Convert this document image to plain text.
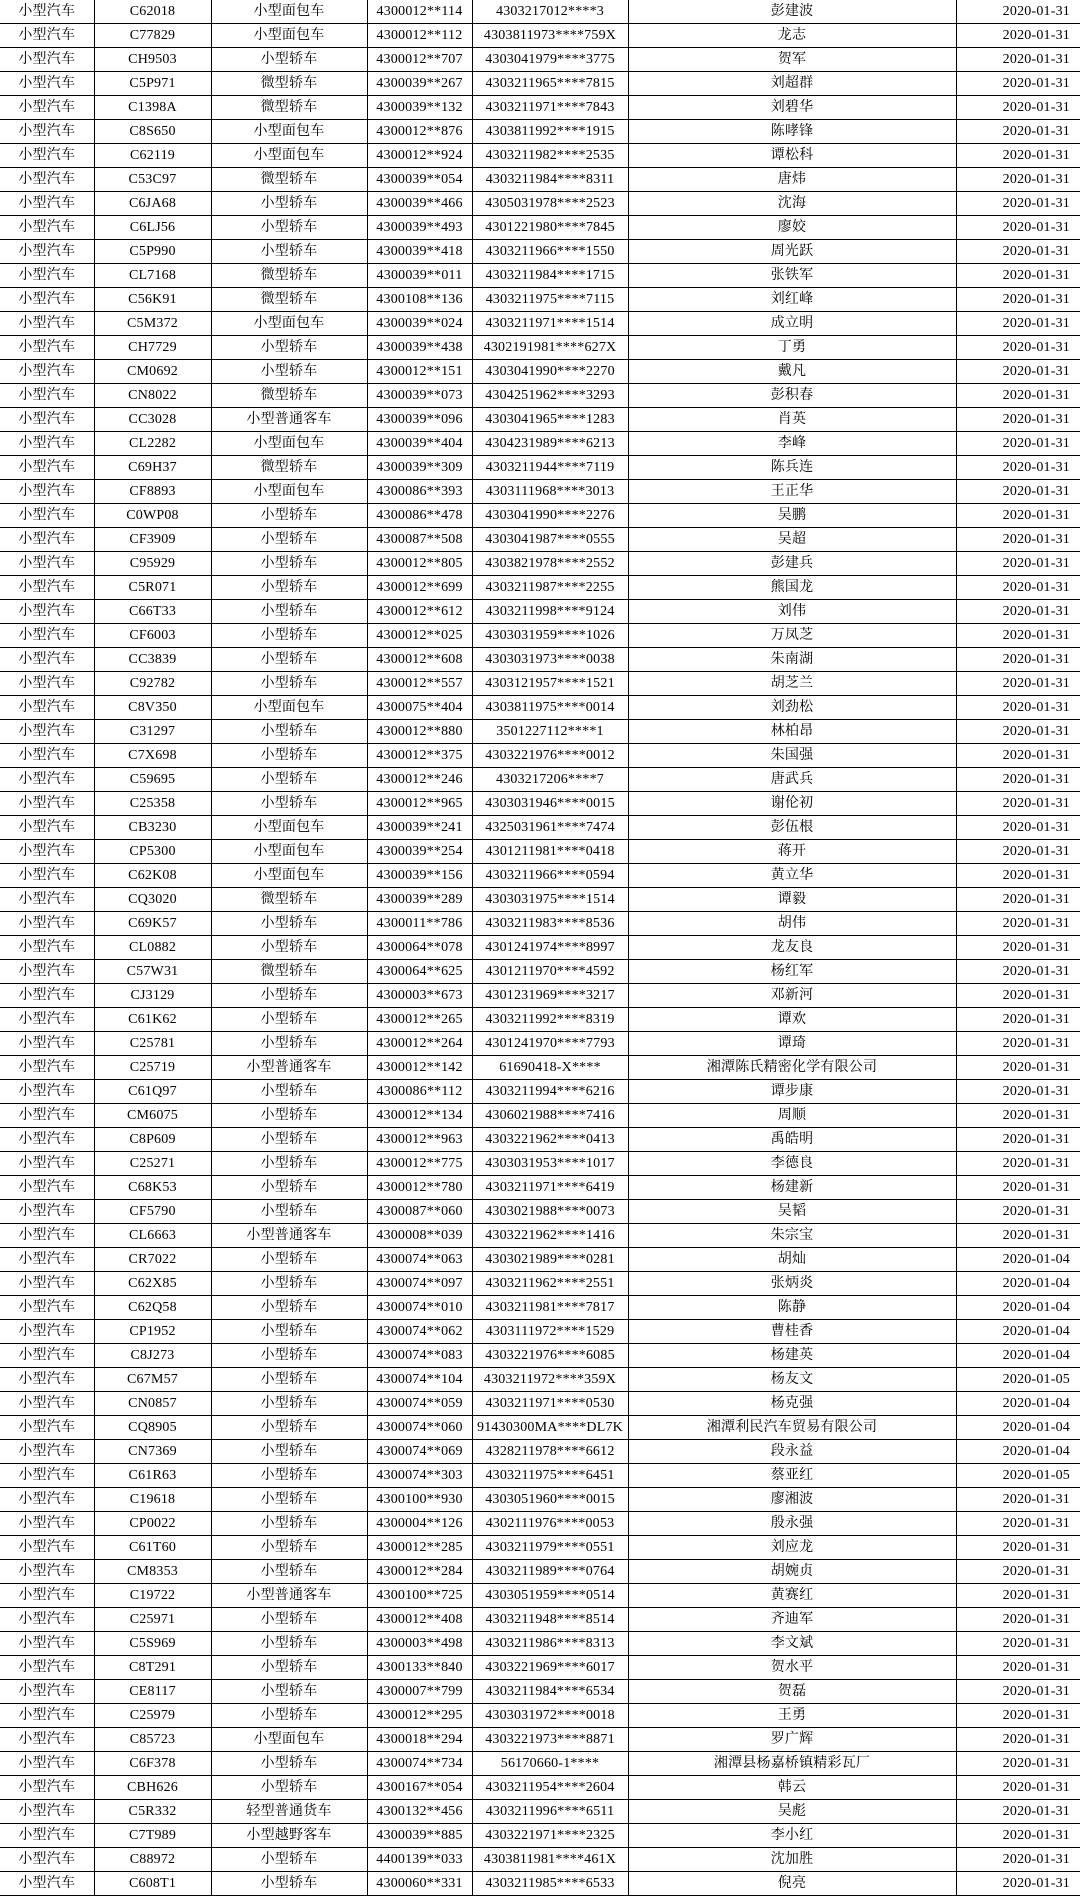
小型汽车	C62018	小型面包车	4300012**114	4303217012****3	彭建波	2020-01-31
小型汽车	C77829	小型面包车	4300012**112	4303811973****759X	龙志	2020-01-31
小型汽车	CH9503	小型轿车	4300012**707	4303041979****3775	贺军	2020-01-31
小型汽车	C5P971	微型轿车	4300039**267	4303211965****7815	刘超群	2020-01-31
小型汽车	C1398A	微型轿车	4300039**132	4303211971****7843	刘碧华	2020-01-31
小型汽车	C8S650	小型面包车	4300012**876	4303811992****1915	陈哮锋	2020-01-31
小型汽车	C62119	小型面包车	4300012**924	4303211982****2535	谭松科	2020-01-31
小型汽车	C53C97	微型轿车	4300039**054	4303211984****8311	唐炜	2020-01-31
小型汽车	C6JA68	小型轿车	4300039**466	4305031978****2523	沈海	2020-01-31
小型汽车	C6LJ56	小型轿车	4300039**493	4301221980****7845	廖姣	2020-01-31
小型汽车	C5P990	小型轿车	4300039**418	4303211966****1550	周光跃	2020-01-31
小型汽车	CL7168	微型轿车	4300039**011	4303211984****1715	张铁军	2020-01-31
小型汽车	C56K91	微型轿车	4300108**136	4303211975****7115	刘红峰	2020-01-31
小型汽车	C5M372	小型面包车	4300039**024	4303211971****1514	成立明	2020-01-31
小型汽车	CH7729	小型轿车	4300039**438	4302191981****627X	丁勇	2020-01-31
小型汽车	CM0692	小型轿车	4300012**151	4303041990****2270	戴凡	2020-01-31
小型汽车	CN8022	微型轿车	4300039**073	4304251962****3293	彭积春	2020-01-31
小型汽车	CC3028	小型普通客车	4300039**096	4303041965****1283	肖英	2020-01-31
小型汽车	CL2282	小型面包车	4300039**404	4304231989****6213	李峰	2020-01-31
小型汽车	C69H37	微型轿车	4300039**309	4303211944****7119	陈兵连	2020-01-31
小型汽车	CF8893	小型面包车	4300086**393	4303111968****3013	王正华	2020-01-31
小型汽车	C0WP08	小型轿车	4300086**478	4303041990****2276	吴鹏	2020-01-31
小型汽车	CF3909	小型轿车	4300087**508	4303041987****0555	吴超	2020-01-31
小型汽车	C95929	小型轿车	4300012**805	4303821978****2552	彭建兵	2020-01-31
小型汽车	C5R071	小型轿车	4300012**699	4303211987****2255	熊国龙	2020-01-31
小型汽车	C66T33	小型轿车	4300012**612	4303211998****9124	刘伟	2020-01-31
小型汽车	CF6003	小型轿车	4300012**025	4303031959****1026	万凤芝	2020-01-31
小型汽车	CC3839	小型轿车	4300012**608	4303031973****0038	朱南湖	2020-01-31
小型汽车	C92782	小型轿车	4300012**557	4303121957****1521	胡芝兰	2020-01-31
小型汽车	C8V350	小型面包车	4300075**404	4303811975****0014	刘劲松	2020-01-31
小型汽车	C31297	小型轿车	4300012**880	3501227112****1	林柏昂	2020-01-31
小型汽车	C7X698	小型轿车	4300012**375	4303221976****0012	朱国强	2020-01-31
小型汽车	C59695	小型轿车	4300012**246	4303217206****7	唐武兵	2020-01-31
小型汽车	C25358	小型轿车	4300012**965	4303031946****0015	谢伦初	2020-01-31
小型汽车	CB3230	小型面包车	4300039**241	4325031961****7474	彭伍根	2020-01-31
小型汽车	CP5300	小型面包车	4300039**254	4301211981****0418	蒋开	2020-01-31
小型汽车	C62K08	小型面包车	4300039**156	4303211966****0594	黄立华	2020-01-31
小型汽车	CQ3020	微型轿车	4300039**289	4303031975****1514	谭毅	2020-01-31
小型汽车	C69K57	小型轿车	4300011**786	4303211983****8536	胡伟	2020-01-31
小型汽车	CL0882	小型轿车	4300064**078	4301241974****8997	龙友良	2020-01-31
小型汽车	C57W31	微型轿车	4300064**625	4301211970****4592	杨红军	2020-01-31
小型汽车	CJ3129	小型轿车	4300003**673	4301231969****3217	邓新河	2020-01-31
小型汽车	C61K62	小型轿车	4300012**265	4303211992****8319	谭欢	2020-01-31
小型汽车	C25781	小型轿车	4300012**264	4301241970****7793	谭琦	2020-01-31
小型汽车	C25719	小型普通客车	4300012**142	61690418-X****	湘潭陈氏精密化学有限公司	2020-01-31
小型汽车	C61Q97	小型轿车	4300086**112	4303211994****6216	谭步康	2020-01-31
小型汽车	CM6075	小型轿车	4300012**134	4306021988****7416	周顺	2020-01-31
小型汽车	C8P609	小型轿车	4300012**963	4303221962****0413	禹皓明	2020-01-31
小型汽车	C25271	小型轿车	4300012**775	4303031953****1017	李德良	2020-01-31
小型汽车	C68K53	小型轿车	4300012**780	4303211971****6419	杨建新	2020-01-31
小型汽车	CF5790	小型轿车	4300087**060	4303021988****0073	吴韬	2020-01-31
小型汽车	CL6663	小型普通客车	4300008**039	4303221962****1416	朱宗宝	2020-01-31
小型汽车	CR7022	小型轿车	4300074**063	4303021989****0281	胡灿	2020-01-04
小型汽车	C62X85	小型轿车	4300074**097	4303211962****2551	张炳炎	2020-01-04
小型汽车	C62Q58	小型轿车	4300074**010	4303211981****7817	陈静	2020-01-04
小型汽车	CP1952	小型轿车	4300074**062	4303111972****1529	曹桂香	2020-01-04
小型汽车	C8J273	小型轿车	4300074**083	4303221976****6085	杨建英	2020-01-04
小型汽车	C67M57	小型轿车	4300074**104	4303211972****359X	杨友文	2020-01-05
小型汽车	CN0857	小型轿车	4300074**059	4303211971****0530	杨克强	2020-01-04
小型汽车	CQ8905	小型轿车	4300074**060	91430300MA****DL7K	湘潭利民汽车贸易有限公司	2020-01-04
小型汽车	CN7369	小型轿车	4300074**069	4328211978****6612	段永益	2020-01-04
小型汽车	C61R63	小型轿车	4300074**303	4303211975****6451	蔡亚红	2020-01-05
小型汽车	C19618	小型轿车	4300100**930	4303051960****0015	廖湘波	2020-01-31
小型汽车	CP0022	小型轿车	4300004**126	4302111976****0053	殷永强	2020-01-31
小型汽车	C61T60	小型轿车	4300012**285	4303211979****0551	刘应龙	2020-01-31
小型汽车	CM8353	小型轿车	4300012**284	4303211989****0764	胡婉贞	2020-01-31
小型汽车	C19722	小型普通客车	4300100**725	4303051959****0514	黄赛红	2020-01-31
小型汽车	C25971	小型轿车	4300012**408	4303211948****8514	齐迪军	2020-01-31
小型汽车	C5S969	小型轿车	4300003**498	4303211986****8313	李文斌	2020-01-31
小型汽车	C8T291	小型轿车	4300133**840	4303221969****6017	贺水平	2020-01-31
小型汽车	CE8117	小型轿车	4300007**799	4303211984****6534	贺磊	2020-01-31
小型汽车	C25979	小型轿车	4300012**295	4303031972****0018	王勇	2020-01-31
小型汽车	C85723	小型面包车	4300018**294	4303221973****8871	罗广辉	2020-01-31
小型汽车	C6F378	小型轿车	4300074**734	56170660-1****	湘潭县杨嘉桥镇精彩瓦厂	2020-01-31
小型汽车	CBH626	小型轿车	4300167**054	4303211954****2604	韩云	2020-01-31
小型汽车	C5R332	轻型普通货车	4300132**456	4303211996****6511	吴彪	2020-01-31
小型汽车	C7T989	小型越野客车	4300039**885	4303221971****2325	李小红	2020-01-31
小型汽车	C88972	小型轿车	4400139**033	4303811981****461X	沈加胜	2020-01-31
小型汽车	C608T1	小型轿车	4300060**331	4303211985****6533	倪亮	2020-01-31
